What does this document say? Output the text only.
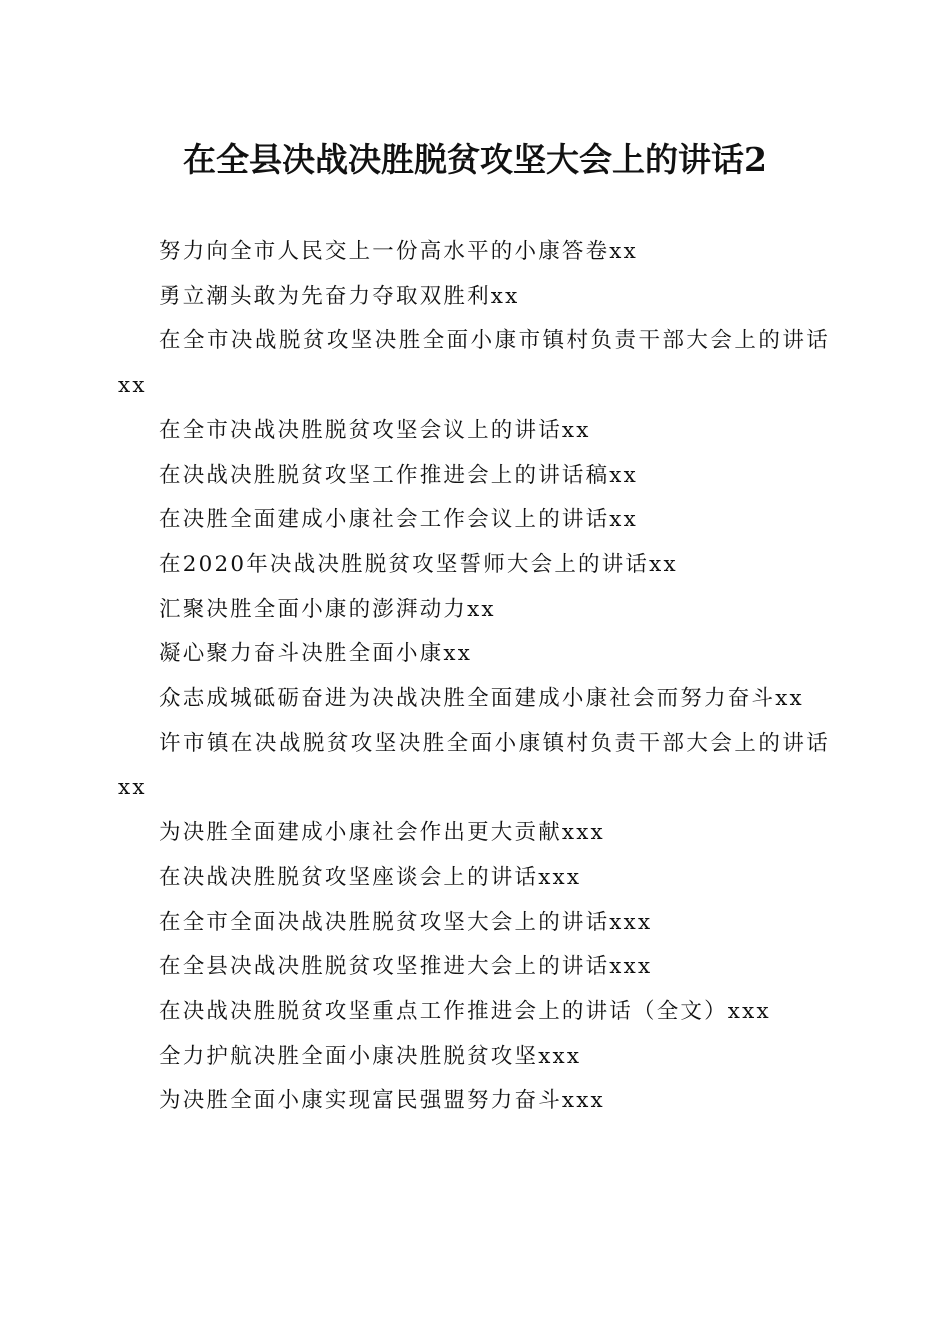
在全县决战决胜脱贫攻坚大会上的讲话2

努力向全市人民交上一份高水平的小康答卷xx

勇立潮头敢为先奋力夺取双胜利xx

在全市决战脱贫攻坚决胜全面小康市镇村负责干部大会上的讲话xx

在全市决战决胜脱贫攻坚会议上的讲话xx

在决战决胜脱贫攻坚工作推进会上的讲话稿xx

在决胜全面建成小康社会工作会议上的讲话xx

在2020年决战决胜脱贫攻坚誓师大会上的讲话xx

汇聚决胜全面小康的澎湃动力xx

凝心聚力奋斗决胜全面小康xx

众志成城砥砺奋进为决战决胜全面建成小康社会而努力奋斗xx

许市镇在决战脱贫攻坚决胜全面小康镇村负责干部大会上的讲话xx

为决胜全面建成小康社会作出更大贡献xxx

在决战决胜脱贫攻坚座谈会上的讲话xxx

在全市全面决战决胜脱贫攻坚大会上的讲话xxx

在全县决战决胜脱贫攻坚推进大会上的讲话xxx

在决战决胜脱贫攻坚重点工作推进会上的讲话（全文）xxx

全力护航决胜全面小康决胜脱贫攻坚xxx

为决胜全面小康实现富民强盟努力奋斗xxx
